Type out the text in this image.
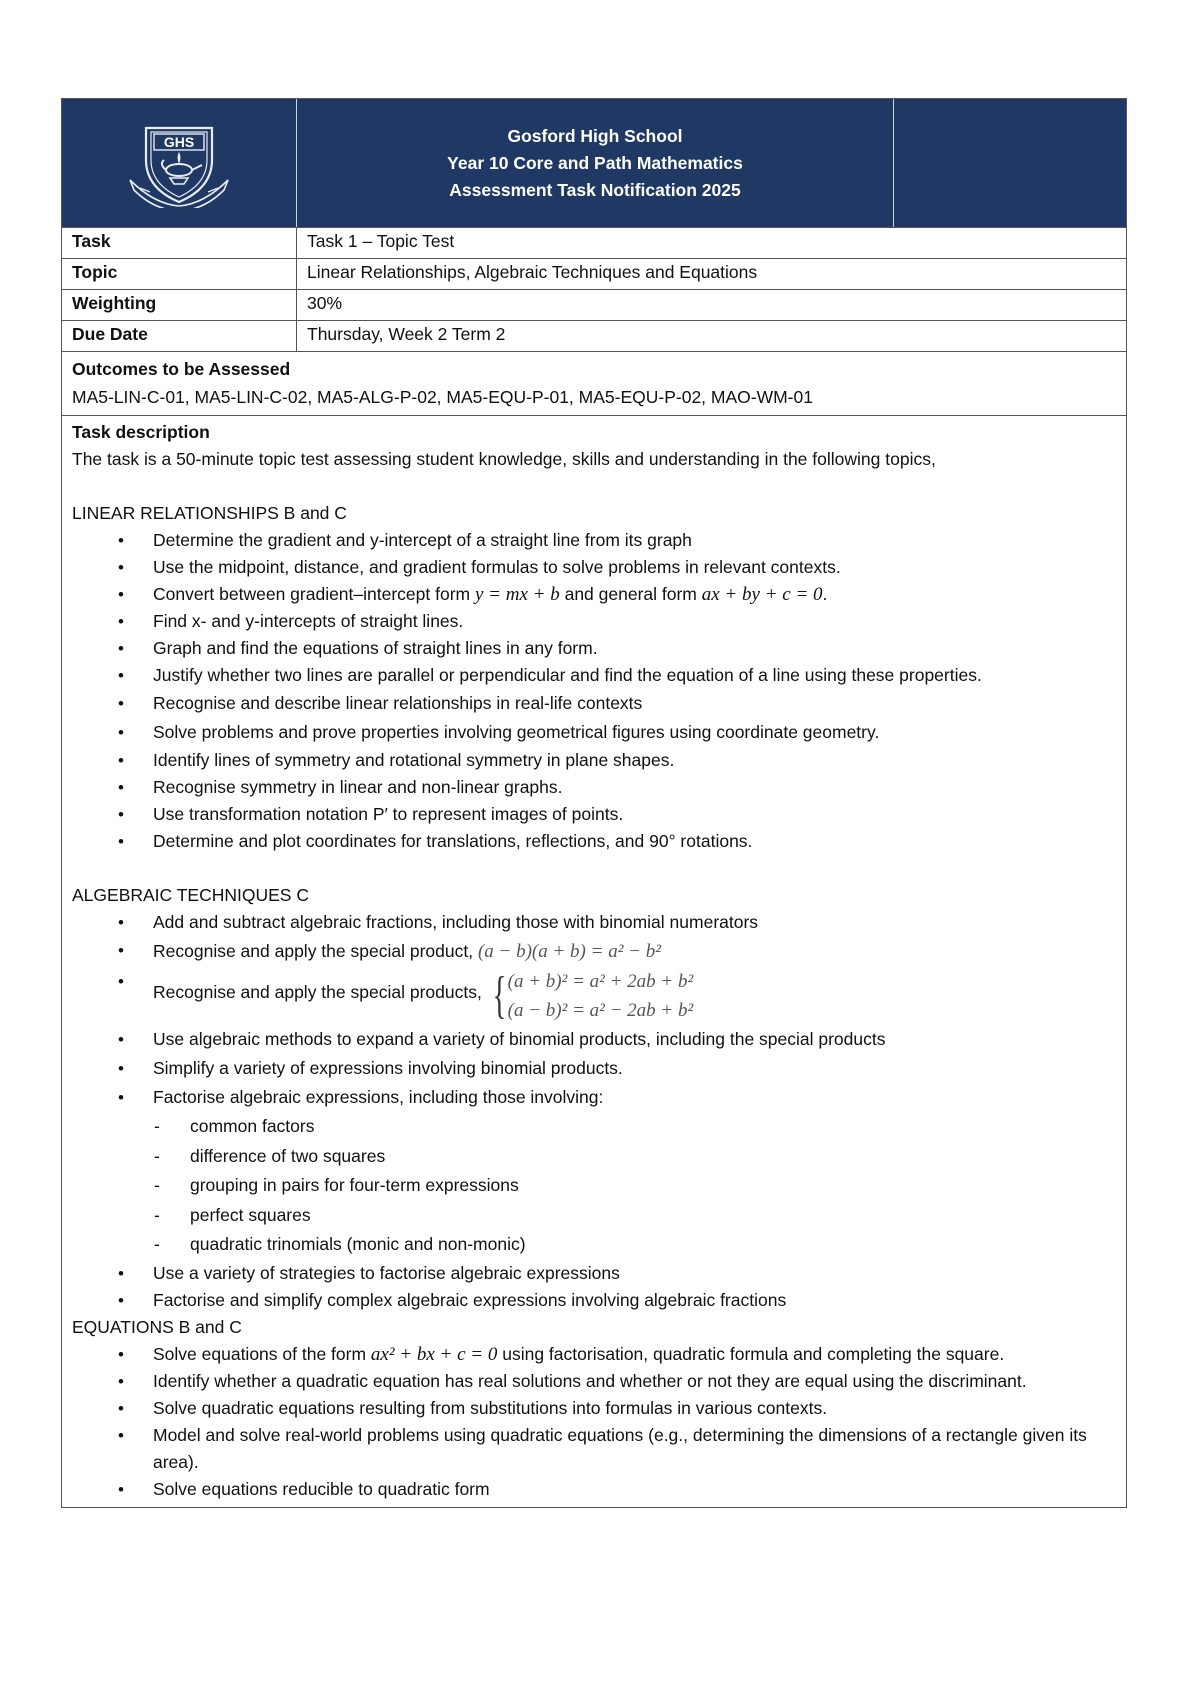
GHS	Gosford High School
Year 10 Core and Path Mathematics
Assessment Task Notification 2025
Task	Task 1 – Topic Test
Topic	Linear Relationships, Algebraic Techniques and Equations
Weighting	30%
Due Date	Thursday, Week 2 Term 2
Outcomes to be Assessed
MA5-LIN-C-01, MA5-LIN-C-02, MA5-ALG-P-02, MA5-EQU-P-01, MA5-EQU-P-02, MAO-WM-01
Task description
The task is a 50-minute topic test assessing student knowledge, skills and understanding in the following topics,
LINEAR RELATIONSHIPS B and C
• Determine the gradient and y-intercept of a straight line from its graph
• Use the midpoint, distance, and gradient formulas to solve problems in relevant contexts.
• Convert between gradient–intercept form y = mx + b and general form ax + by + c = 0.
• Find x- and y-intercepts of straight lines.
• Graph and find the equations of straight lines in any form.
• Justify whether two lines are parallel or perpendicular and find the equation of a line using these properties.
• Recognise and describe linear relationships in real-life contexts
• Solve problems and prove properties involving geometrical figures using coordinate geometry.
• Identify lines of symmetry and rotational symmetry in plane shapes.
• Recognise symmetry in linear and non-linear graphs.
• Use transformation notation P′ to represent images of points.
• Determine and plot coordinates for translations, reflections, and 90° rotations.
ALGEBRAIC TECHNIQUES C
• Add and subtract algebraic fractions, including those with binomial numerators
• Recognise and apply the special product, (a − b)(a + b) = a² − b²
• Recognise and apply the special products, { (a + b)² = a² + 2ab + b²
(a − b)² = a² − 2ab + b²
• Use algebraic methods to expand a variety of binomial products, including the special products
• Simplify a variety of expressions involving binomial products.
• Factorise algebraic expressions, including those involving:
- common factors
- difference of two squares
- grouping in pairs for four-term expressions
- perfect squares
- quadratic trinomials (monic and non-monic)
• Use a variety of strategies to factorise algebraic expressions
• Factorise and simplify complex algebraic expressions involving algebraic fractions
EQUATIONS B and C
• Solve equations of the form ax² + bx + c = 0 using factorisation, quadratic formula and completing the square.
• Identify whether a quadratic equation has real solutions and whether or not they are equal using the discriminant.
• Solve quadratic equations resulting from substitutions into formulas in various contexts.
• Model and solve real-world problems using quadratic equations (e.g., determining the dimensions of a rectangle given its area).
• Solve equations reducible to quadratic form
